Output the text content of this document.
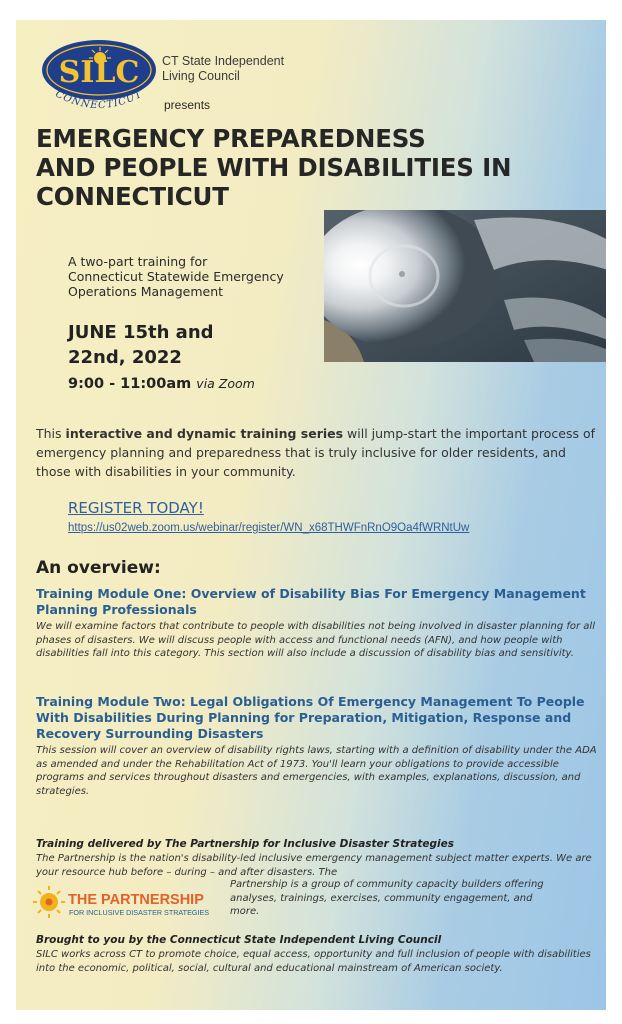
SILC
CONNECTICUT
CT State Independent
Living Council
presents
EMERGENCY PREPAREDNESS
AND PEOPLE WITH DISABILITIES IN
CONNECTICUT
A two-part training for
Connecticut Statewide Emergency
Operations Management
JUNE 15th and
22nd, 2022
9:00 - 11:00am via Zoom
This interactive and dynamic training series will jump-start the important process of emergency planning and preparedness that is truly inclusive for older residents, and those with disabilities in your community.
REGISTER TODAY!
https://us02web.zoom.us/webinar/register/WN_x68THWFnRnO9Oa4fWRNtUw
An overview:
Training Module One: Overview of Disability Bias For Emergency Management Planning Professionals
We will examine factors that contribute to people with disabilities not being involved in disaster planning for all phases of disasters. We will discuss people with access and functional needs (AFN), and how people with disabilities fall into this category. This section will also include a discussion of disability bias and sensitivity.
Training Module Two: Legal Obligations Of Emergency Management To People With Disabilities During Planning for Preparation, Mitigation, Response and Recovery Surrounding Disasters
This session will cover an overview of disability rights laws, starting with a definition of disability under the ADA as amended and under the Rehabilitation Act of 1973. You'll learn your obligations to provide accessible programs and services throughout disasters and emergencies, with examples, explanations, discussion, and strategies.
Training delivered by The Partnership for Inclusive Disaster Strategies
The Partnership is the nation's disability-led inclusive emergency management subject matter experts. We are your resource hub before – during – and after disasters. The
Partnership is a group of community capacity builders offering analyses, trainings, exercises, community engagement, and more.
THE PARTNERSHIP
FOR INCLUSIVE DISASTER STRATEGIES
Brought to you by the Connecticut State Independent Living Council
SILC works across CT to promote choice, equal access, opportunity and full inclusion of people with disabilities into the economic, political, social, cultural and educational mainstream of American society.
